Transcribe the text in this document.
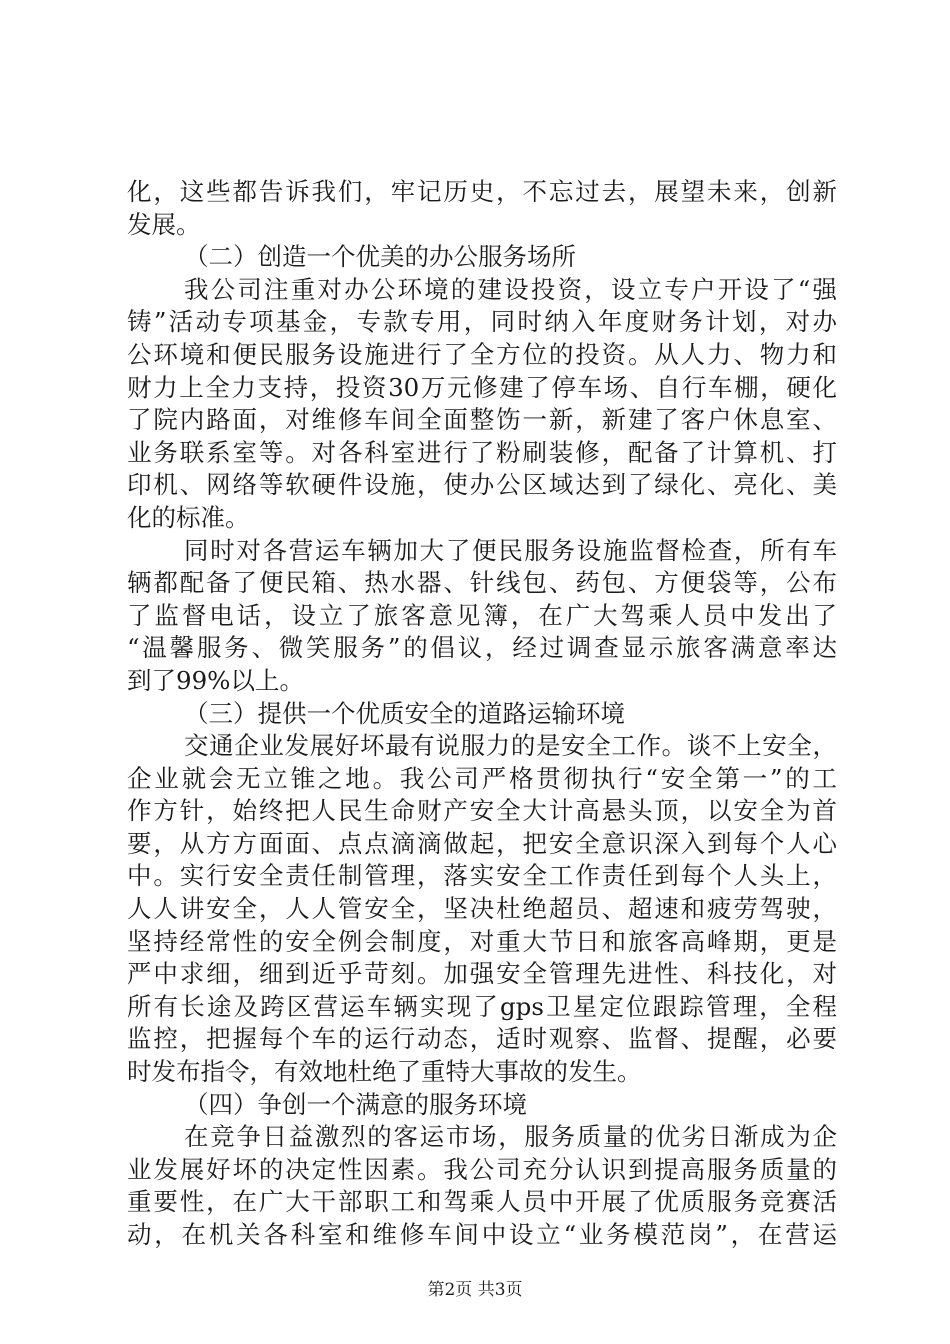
化，这些都告诉我们，牢记历史，不忘过去，展望未来，创新
发展。
（二）创造一个优美的办公服务场所
我公司注重对办公环境的建设投资，设立专户开设了“强
铸”活动专项基金，专款专用，同时纳入年度财务计划，对办
公环境和便民服务设施进行了全方位的投资。从人力、物力和
财力上全力支持，投资30万元修建了停车场、自行车棚，硬化
了院内路面，对维修车间全面整饬一新，新建了客户休息室、
业务联系室等。对各科室进行了粉刷装修，配备了计算机、打
印机、网络等软硬件设施，使办公区域达到了绿化、亮化、美
化的标准。
同时对各营运车辆加大了便民服务设施监督检查，所有车
辆都配备了便民箱、热水器、针线包、药包、方便袋等，公布
了监督电话，设立了旅客意见簿，在广大驾乘人员中发出了
“温馨服务、微笑服务”的倡议，经过调查显示旅客满意率达
到了99%以上。
（三）提供一个优质安全的道路运输环境
交通企业发展好坏最有说服力的是安全工作。谈不上安全，
企业就会无立锥之地。我公司严格贯彻执行“安全第一”的工
作方针，始终把人民生命财产安全大计高悬头顶，以安全为首
要，从方方面面、点点滴滴做起，把安全意识深入到每个人心
中。实行安全责任制管理，落实安全工作责任到每个人头上，
人人讲安全，人人管安全，坚决杜绝超员、超速和疲劳驾驶，
坚持经常性的安全例会制度，对重大节日和旅客高峰期，更是
严中求细，细到近乎苛刻。加强安全管理先进性、科技化，对
所有长途及跨区营运车辆实现了gps卫星定位跟踪管理，全程
监控，把握每个车的运行动态，适时观察、监督、提醒，必要
时发布指令，有效地杜绝了重特大事故的发生。
（四）争创一个满意的服务环境
在竞争日益激烈的客运市场，服务质量的优劣日渐成为企
业发展好坏的决定性因素。我公司充分认识到提高服务质量的
重要性，在广大干部职工和驾乘人员中开展了优质服务竞赛活
动，在机关各科室和维修车间中设立“业务模范岗”，在营运
第2页 共3页
